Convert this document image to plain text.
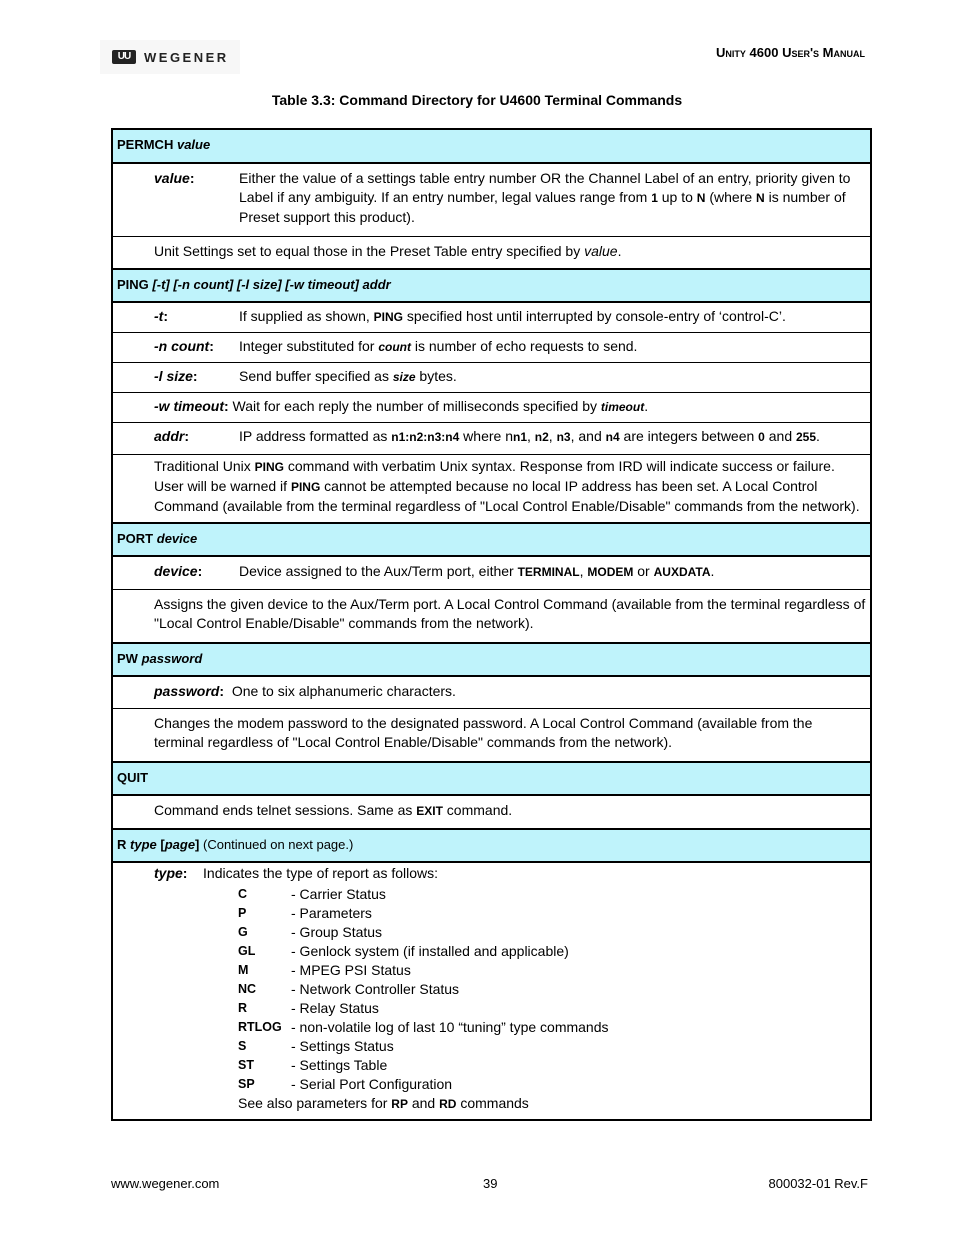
UU	WEGENER	Unity 4600 User's Manual
Table 3.3: Command Directory for U4600 Terminal Commands
PERMCH value
value:	Either the value of a settings table entry number OR the Channel Label of an entry, priority given to Label if any ambiguity. If an entry number, legal values range from 1 up to N (where N is number of Preset support this product).
Unit Settings set to equal those in the Preset Table entry specified by value.
PING [-t] [-n count] [-l size] [-w timeout] addr
-t:	If supplied as shown, PING specified host until interrupted by console-entry of ‘control-C’.
-n count:	Integer substituted for count is number of echo requests to send.
-l size:	Send buffer specified as size bytes.
-w timeout: Wait for each reply the number of milliseconds specified by timeout.
addr:	IP address formatted as n1:n2:n3:n4 where nn1, n2, n3, and n4 are integers between 0 and 255.
Traditional Unix PING command with verbatim Unix syntax. Response from IRD will indicate success or failure. User will be warned if PING cannot be attempted because no local IP address has been set. A Local Control Command (available from the terminal regardless of "Local Control Enable/Disable" commands from the network).
PORT device
device:	Device assigned to the Aux/Term port, either TERMINAL, MODEM or AUXDATA.
Assigns the given device to the Aux/Term port. A Local Control Command (available from the terminal regardless of "Local Control Enable/Disable" commands from the network).
PW password
password: One to six alphanumeric characters.
Changes the modem password to the designated password. A Local Control Command (available from the terminal regardless of "Local Control Enable/Disable" commands from the network).
QUIT
Command ends telnet sessions. Same as EXIT command.
R type [page] (Continued on next page.)
type: Indicates the type of report as follows:
C	- Carrier Status
P	- Parameters
G	- Group Status
GL	- Genlock system (if installed and applicable)
M	- MPEG PSI Status
NC	- Network Controller Status
R	- Relay Status
RTLOG - non-volatile log of last 10 “tuning” type commands
S	- Settings Status
ST	- Settings Table
SP	- Serial Port Configuration
See also parameters for RP and RD commands
www.wegener.com	39	800032-01 Rev.F
